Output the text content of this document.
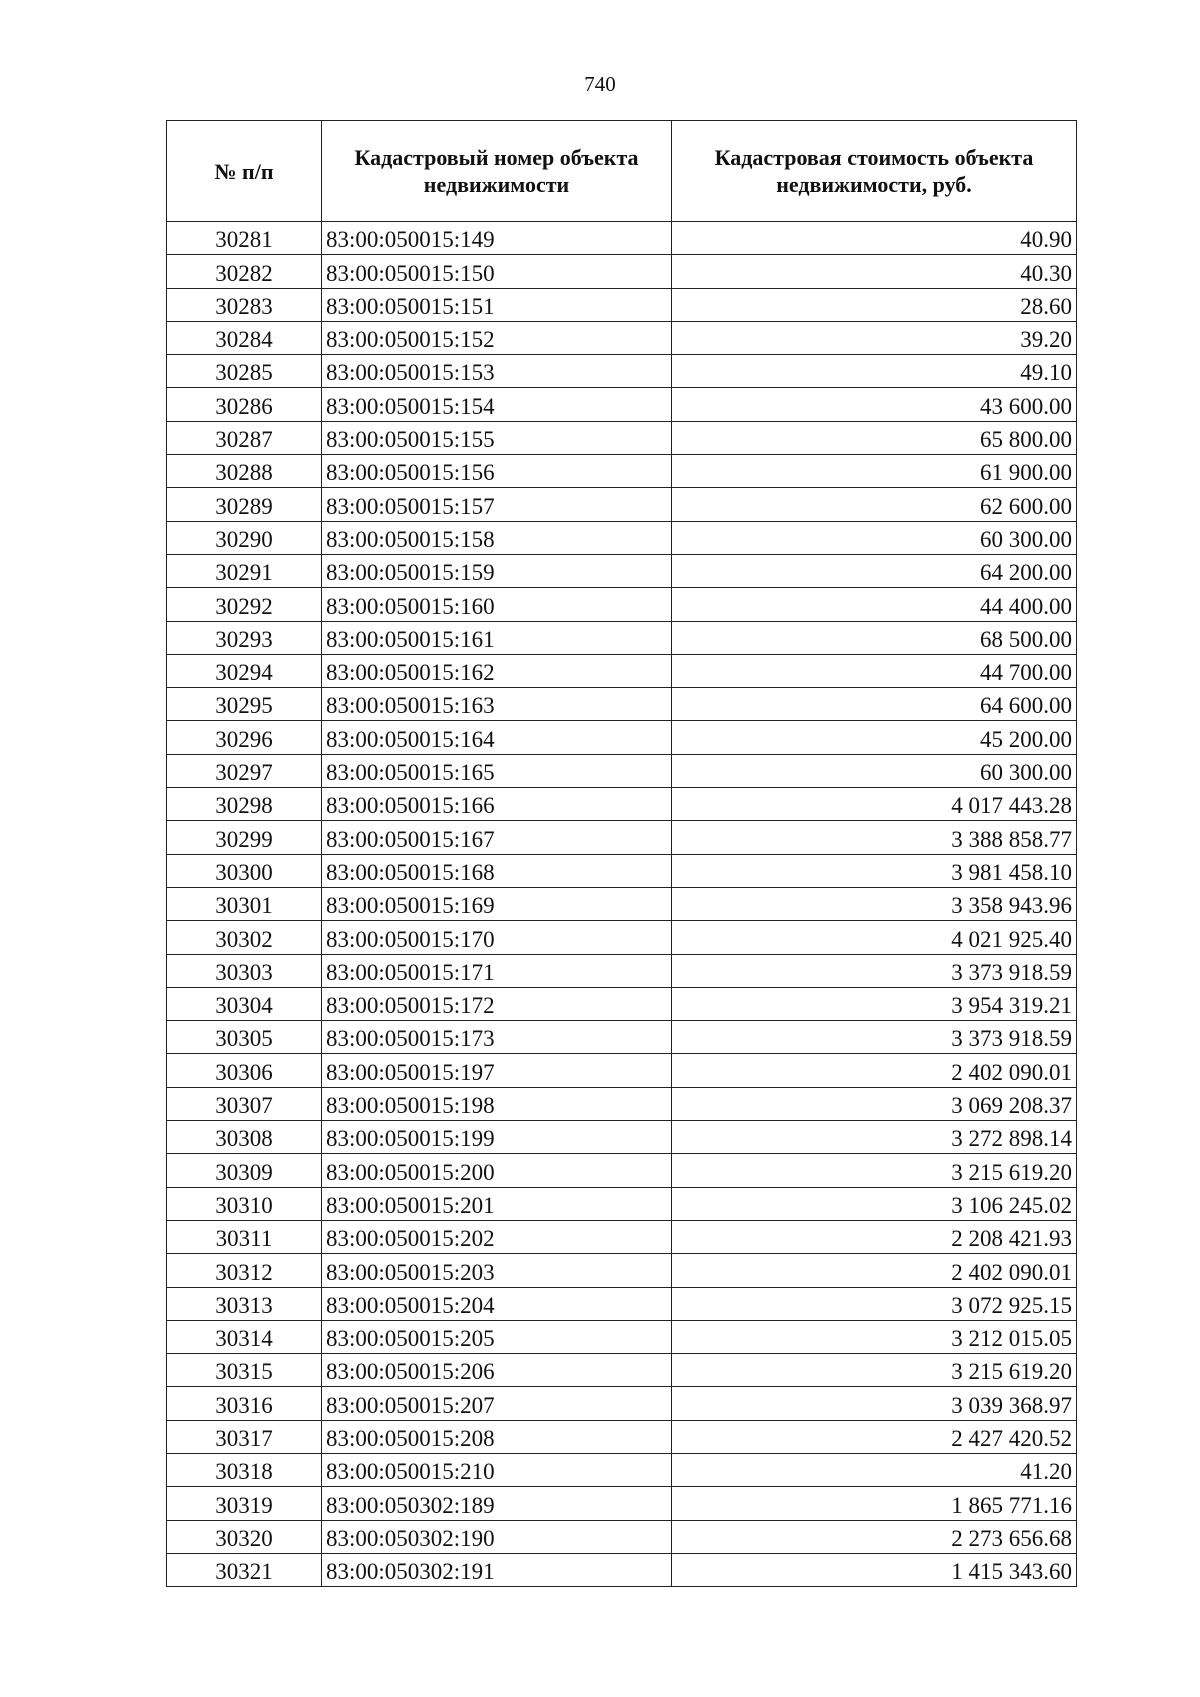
740
№ п/п	Кадастровый номер объекта недвижимости	Кадастровая стоимость объекта недвижимости, руб.
30281	83:00:050015:149	40.90
30282	83:00:050015:150	40.30
30283	83:00:050015:151	28.60
30284	83:00:050015:152	39.20
30285	83:00:050015:153	49.10
30286	83:00:050015:154	43 600.00
30287	83:00:050015:155	65 800.00
30288	83:00:050015:156	61 900.00
30289	83:00:050015:157	62 600.00
30290	83:00:050015:158	60 300.00
30291	83:00:050015:159	64 200.00
30292	83:00:050015:160	44 400.00
30293	83:00:050015:161	68 500.00
30294	83:00:050015:162	44 700.00
30295	83:00:050015:163	64 600.00
30296	83:00:050015:164	45 200.00
30297	83:00:050015:165	60 300.00
30298	83:00:050015:166	4 017 443.28
30299	83:00:050015:167	3 388 858.77
30300	83:00:050015:168	3 981 458.10
30301	83:00:050015:169	3 358 943.96
30302	83:00:050015:170	4 021 925.40
30303	83:00:050015:171	3 373 918.59
30304	83:00:050015:172	3 954 319.21
30305	83:00:050015:173	3 373 918.59
30306	83:00:050015:197	2 402 090.01
30307	83:00:050015:198	3 069 208.37
30308	83:00:050015:199	3 272 898.14
30309	83:00:050015:200	3 215 619.20
30310	83:00:050015:201	3 106 245.02
30311	83:00:050015:202	2 208 421.93
30312	83:00:050015:203	2 402 090.01
30313	83:00:050015:204	3 072 925.15
30314	83:00:050015:205	3 212 015.05
30315	83:00:050015:206	3 215 619.20
30316	83:00:050015:207	3 039 368.97
30317	83:00:050015:208	2 427 420.52
30318	83:00:050015:210	41.20
30319	83:00:050302:189	1 865 771.16
30320	83:00:050302:190	2 273 656.68
30321	83:00:050302:191	1 415 343.60
